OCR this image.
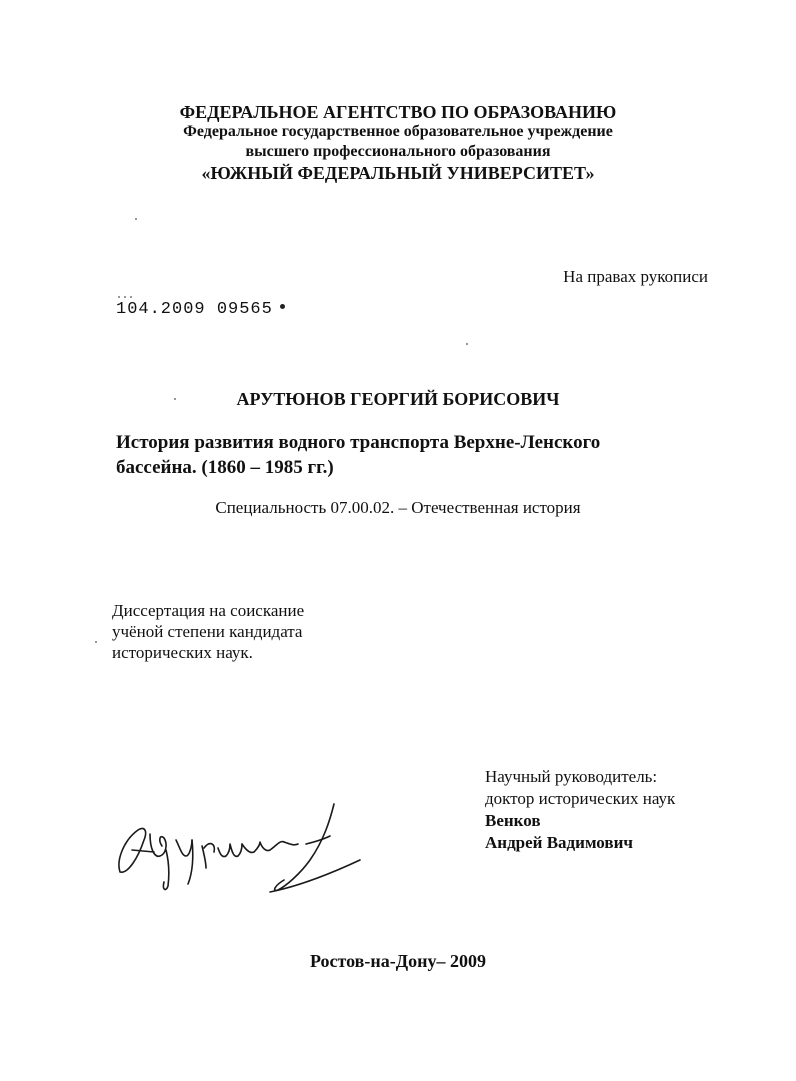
ФЕДЕРАЛЬНОЕ АГЕНТСТВО ПО ОБРАЗОВАНИЮ

Федеральное государственное образовательное учреждение

высшего профессионального образования

«ЮЖНЫЙ ФЕДЕРАЛЬНЫЙ УНИВЕРСИТЕТ»

На правах рукописи

104.2009 09565

АРУТЮНОВ ГЕОРГИЙ БОРИСОВИЧ

История развития водного транспорта Верхне-Ленского

бассейна. (1860 – 1985 гг.)

Специальность 07.00.02. – Отечественная история

Диссертация на соискание

учёной степени кандидата

исторических наук.

Научный руководитель:

доктор исторических наук

Венков

Андрей Вадимович

Ростов-на-Дону– 2009
